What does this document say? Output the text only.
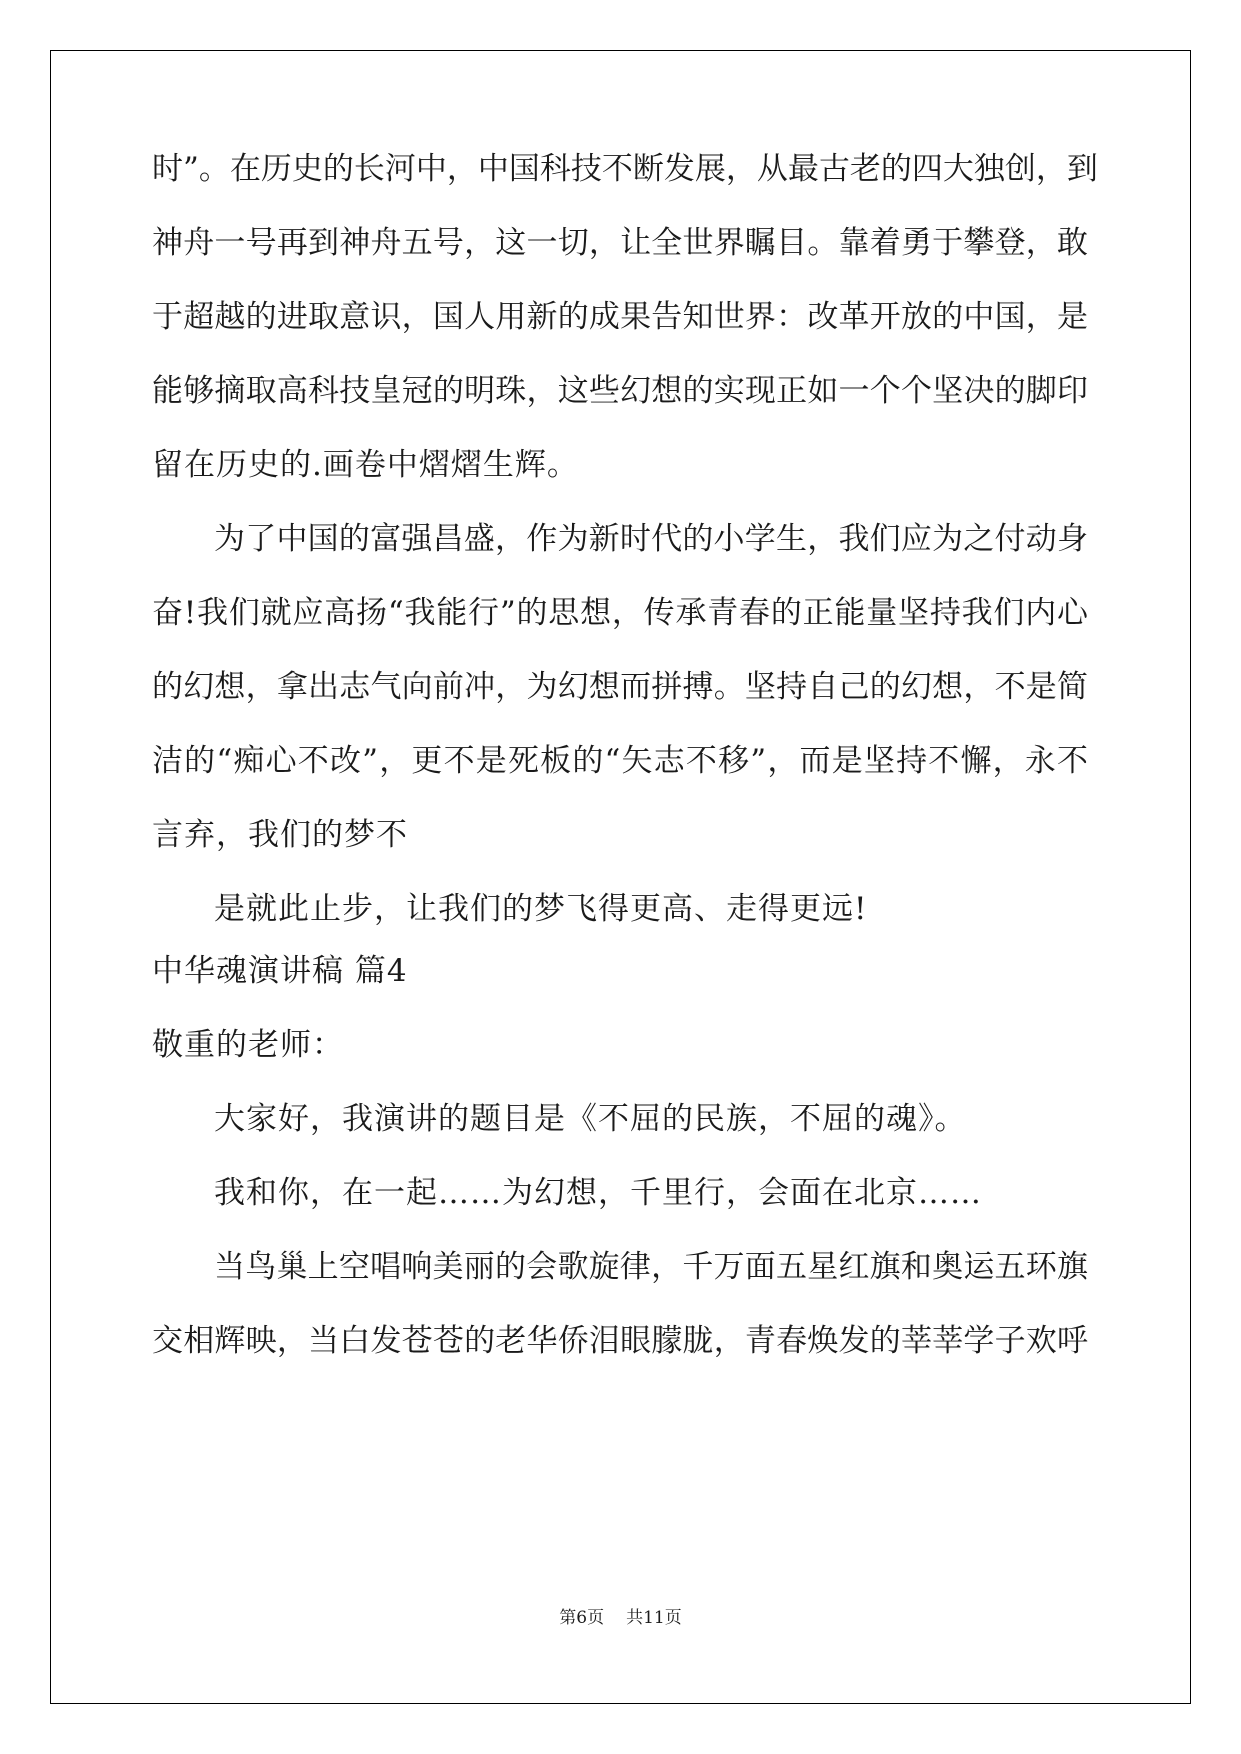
时”。在历史的长河中，中国科技不断发展，从最古老的四大独创，到
神舟一号再到神舟五号，这一切，让全世界瞩目。靠着勇于攀登，敢
于超越的进取意识，国人用新的成果告知世界：改革开放的中国，是
能够摘取高科技皇冠的明珠，这些幻想的实现正如一个个坚决的脚印
留在历史的.画卷中熠熠生辉。
为了中国的富强昌盛，作为新时代的小学生，我们应为之付动身
奋!我们就应高扬“我能行”的思想，传承青春的正能量坚持我们内心
的幻想，拿出志气向前冲，为幻想而拼搏。坚持自己的幻想，不是简
洁的“痴心不改”，更不是死板的“矢志不移”，而是坚持不懈，永不
言弃，我们的梦不
是就此止步，让我们的梦飞得更高、走得更远!
中华魂演讲稿 篇4
敬重的老师：
大家好，我演讲的题目是《不屈的民族，不屈的魂》。
我和你，在一起……为幻想，千里行，会面在北京……
当鸟巢上空唱响美丽的会歌旋律，千万面五星红旗和奥运五环旗
交相辉映，当白发苍苍的老华侨泪眼朦胧，青春焕发的莘莘学子欢呼
第6页 共11页
